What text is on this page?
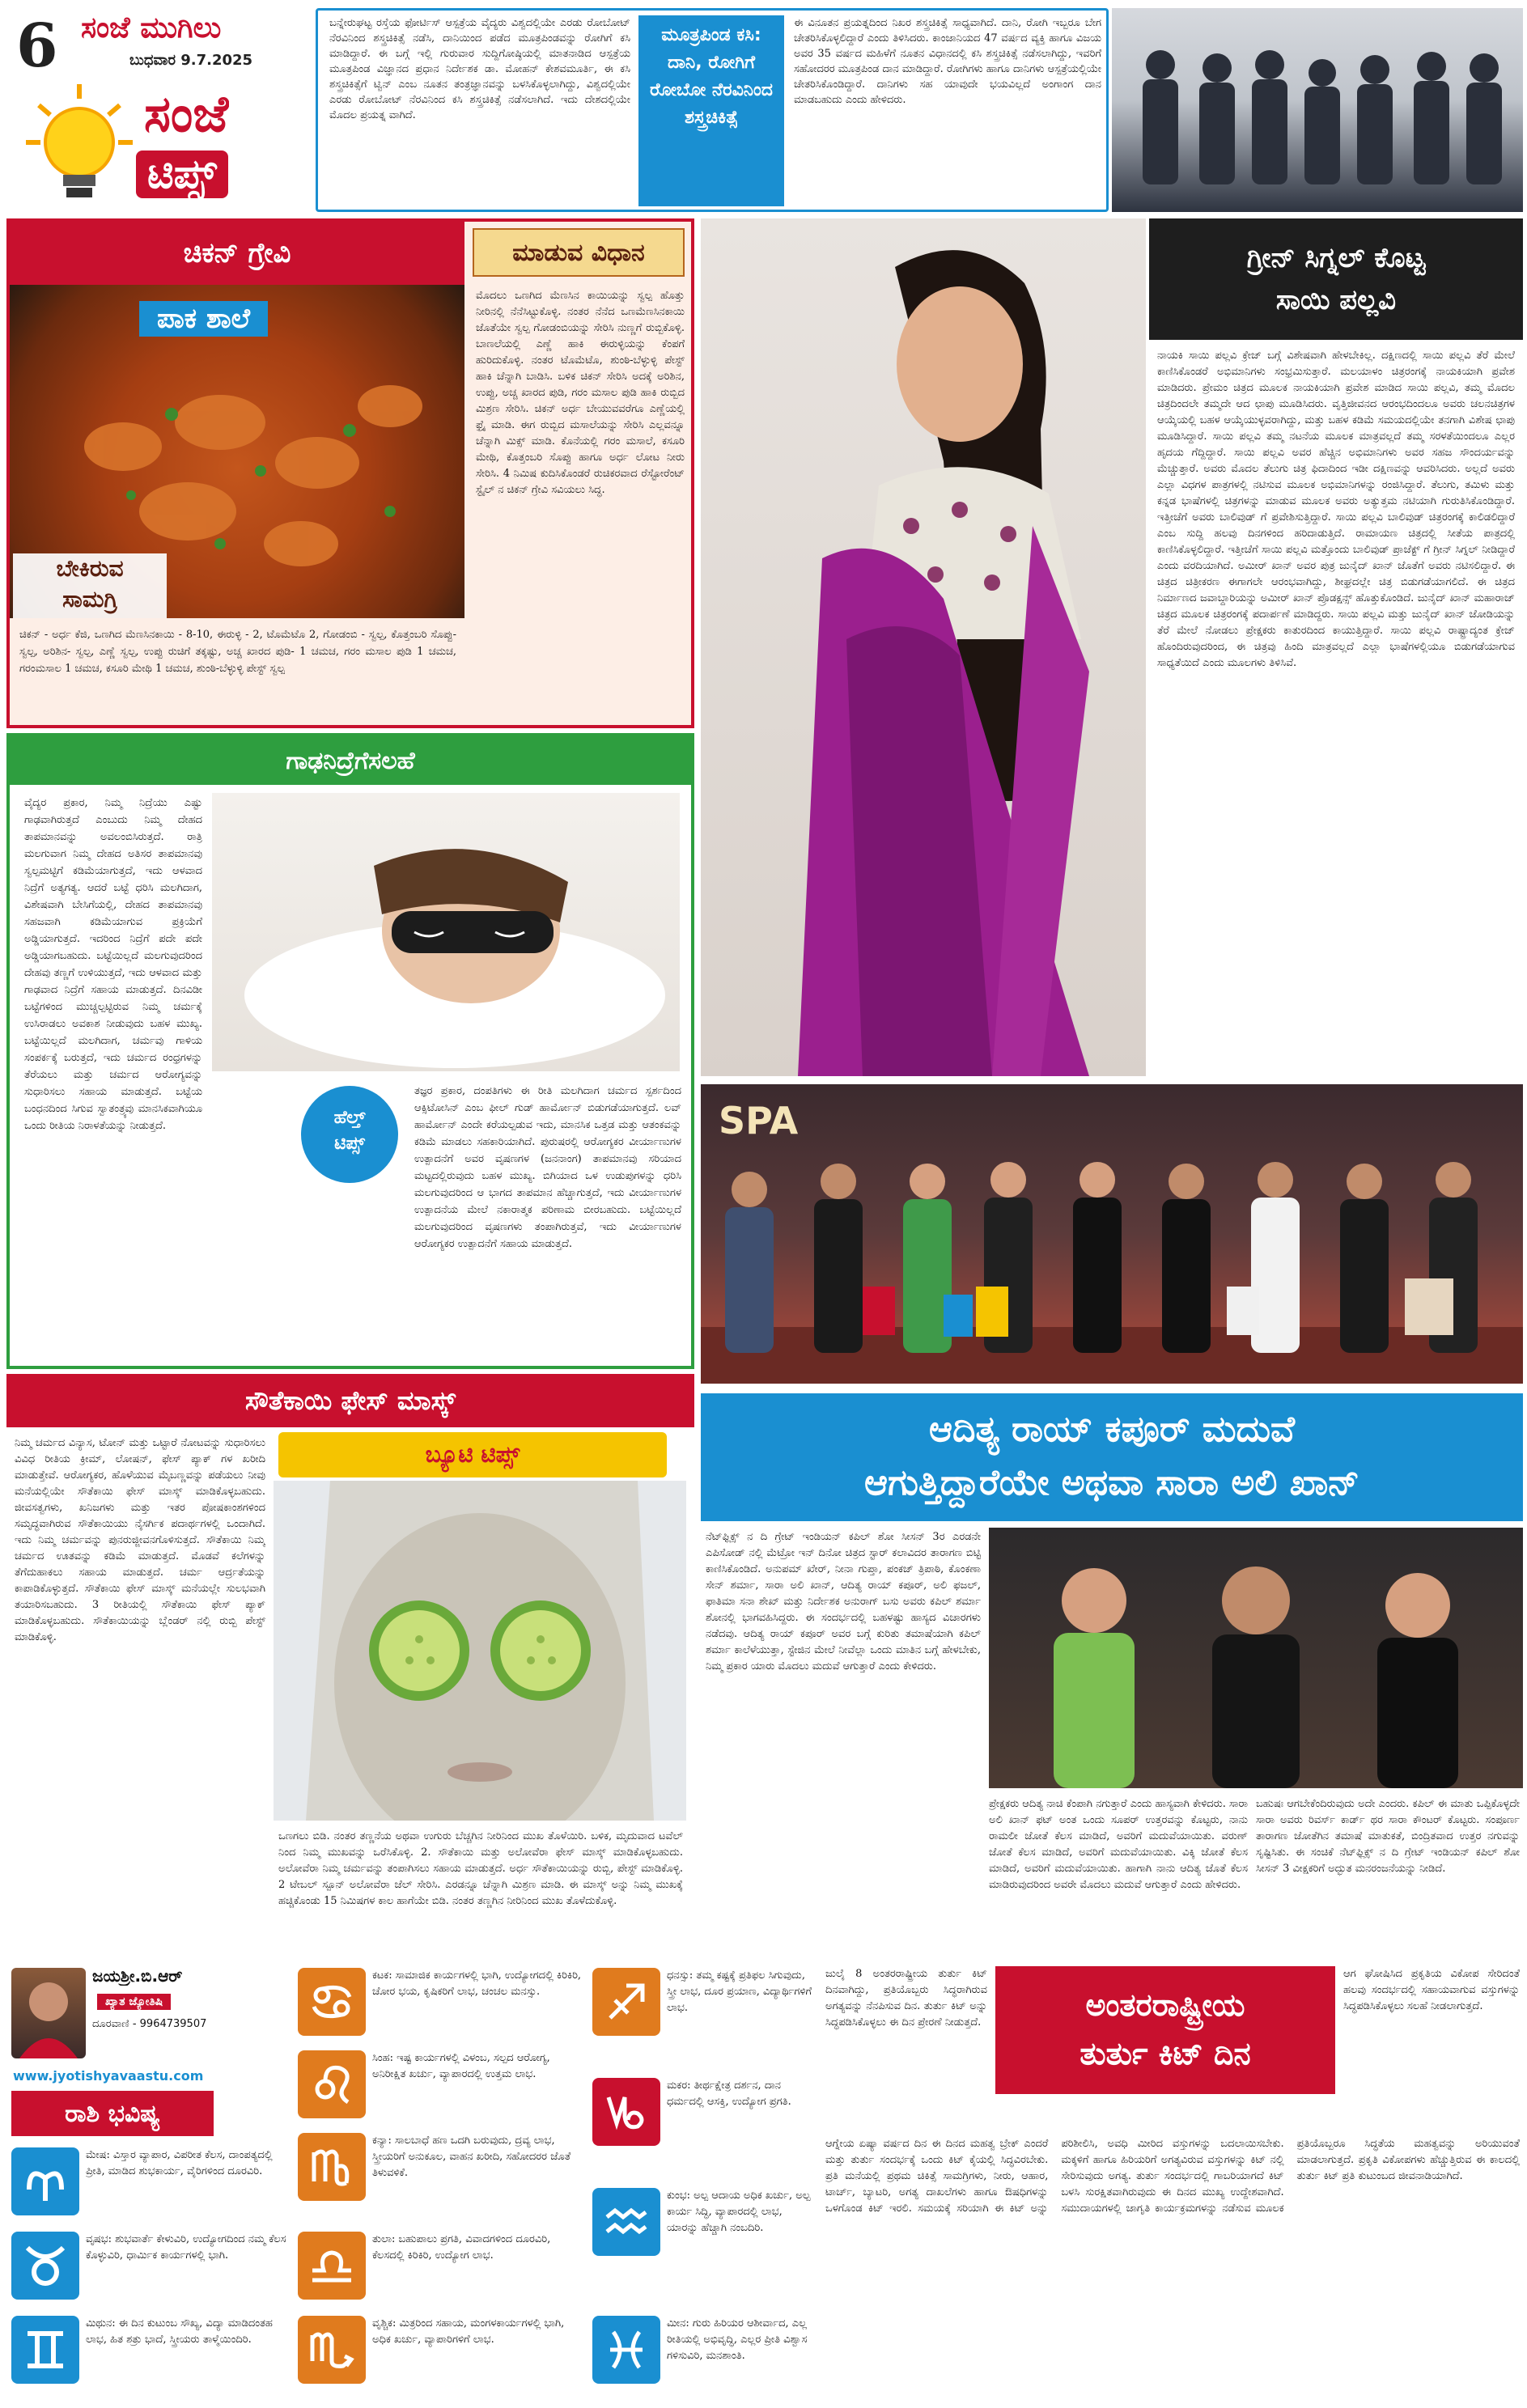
6 ಸಂಜೆ ಮುಗಿಲು
ಬುಧವಾರ 9.7.2025
ಸಂಜೆ
ಟಿಪ್ಸ್
ಬನ್ನೇರುಘಟ್ಟ ರಸ್ತೆಯ ಫೋರ್ಟಿಸ್ ಆಸ್ಪತ್ರೆಯ ವೈದ್ಯರು ವಿಶ್ವದಲ್ಲಿಯೇ ಎರಡು ರೋಬೋಟ್ ನೆರವಿನಿಂದ ಶಸ್ತ್ರಚಿಕಿತ್ಸೆ ನಡೆಸಿ, ದಾನಿಯಿಂದ ಪಡೆದ ಮೂತ್ರಪಿಂಡವನ್ನು ರೋಗಿಗೆ ಕಸಿ ಮಾಡಿದ್ದಾರೆ. ಈ ಬಗ್ಗೆ ಇಲ್ಲಿ ಗುರುವಾರ ಸುದ್ದಿಗೋಷ್ಠಿಯಲ್ಲಿ ಮಾತನಾಡಿದ ಆಸ್ಪತ್ರೆಯ ಮೂತ್ರಪಿಂಡ ವಿಜ್ಞಾನದ ಪ್ರಧಾನ ನಿರ್ದೇಶಕ ಡಾ. ಮೋಹನ್ ಕೇಶವಮೂರ್ತಿ, ಈ ಕಸಿ ಶಸ್ತ್ರಚಿಕಿತ್ಸೆಗೆ ಟ್ವಿನ್ ಎಂಬ ನೂತನ ತಂತ್ರಜ್ಞಾನವನ್ನು ಬಳಸಿಕೊಳ್ಳಲಾಗಿದ್ದು, ವಿಶ್ವದಲ್ಲಿಯೇ ಎರಡು ರೋಬೋಟ್ ನೆರವಿನಿಂದ ಕಸಿ ಶಸ್ತ್ರಚಿಕಿತ್ಸೆ ನಡೆಸಲಾಗಿದೆ. ಇದು ದೇಶದಲ್ಲಿಯೇ ಮೊದಲ ಪ್ರಯತ್ನ ವಾಗಿದೆ.
ಮೂತ್ರಪಿಂಡ ಕಸಿ: ದಾನಿ, ರೋಗಿಗೆ ರೋಬೋ ನೆರವಿನಿಂದ ಶಸ್ತ್ರಚಿಕಿತ್ಸೆ
ಈ ವಿನೂತನ ಪ್ರಯತ್ನದಿಂದ ನಿಖರ ಶಸ್ತ್ರಚಿಕಿತ್ಸೆ ಸಾಧ್ಯವಾಗಿದೆ. ದಾನಿ, ರೋಗಿ ಇಬ್ಬರೂ ಬೇಗ ಚೇತರಿಸಿಕೊಳ್ಳಲಿದ್ದಾರೆ ಎಂದು ತಿಳಿಸಿದರು. ಕಾಂಜಾನಿಯದ 47 ವರ್ಷದ ವ್ಯಕ್ತಿ ಹಾಗೂ ವಿಜಯ ಅವರ 35 ವರ್ಷದ ಮಹಿಳೆಗೆ ನೂತನ ವಿಧಾನದಲ್ಲಿ ಕಸಿ ಶಸ್ತ್ರಚಿಕಿತ್ಸೆ ನಡೆಸಲಾಗಿದ್ದು, ಇವರಿಗೆ ಸಹೋದರರ ಮೂತ್ರಪಿಂಡ ದಾನ ಮಾಡಿದ್ದಾರೆ. ರೋಗಿಗಳು ಹಾಗೂ ದಾನಿಗಳು ಆಸ್ಪತ್ರೆಯಲ್ಲಿಯೇ ಚೇತರಿಸಿಕೊಂಡಿದ್ದಾರೆ. ದಾನಿಗಳು ಸಹ ಯಾವುದೇ ಭಯವಿಲ್ಲದೆ ಅಂಗಾಂಗ ದಾನ ಮಾಡಬಹುದು ಎಂದು ಹೇಳಿದರು.
ಚಿಕನ್ ಗ್ರೇವಿ	ಮಾಡುವ ವಿಧಾನ
ಪಾಕ ಶಾಲೆ
ಬೇಕಿರುವ
ಸಾಮಗ್ರಿ
ಚಿಕನ್ - ಅರ್ಧ ಕೆಜಿ, ಒಣಗಿದ ಮೆಣಸಿನಕಾಯಿ - 8-10, ಈರುಳ್ಳಿ - 2, ಟೊಮೆಟೊ 2, ಗೋಡಂಬಿ - ಸ್ವಲ್ಪ, ಕೊತ್ತಂಬರಿ ಸೊಪ್ಪು- ಸ್ವಲ್ಪ, ಅರಿಶಿನ- ಸ್ವಲ್ಪ, ಎಣ್ಣೆ ಸ್ವಲ್ಪ, ಉಪ್ಪು ರುಚಿಗೆ ತಕ್ಕಷ್ಟು, ಅಚ್ಚ ಖಾರದ ಪುಡಿ- 1 ಚಮಚ, ಗರಂ ಮಸಾಲ ಪುಡಿ 1 ಚಮಚ, ಗರಂಮಸಾಲ 1 ಚಮಚ, ಕಸೂರಿ ಮೇಥಿ 1 ಚಮಚ, ಶುಂಠಿ-ಬೆಳ್ಳುಳ್ಳಿ ಪೇಸ್ಟ್ ಸ್ವಲ್ಪ
ಮೊದಲು ಒಣಗಿದ ಮೆಣಸಿನ ಕಾಯಿಯನ್ನು ಸ್ವಲ್ಪ ಹೊತ್ತು ನೀರಿನಲ್ಲಿ ನೆನೆಸಿಟ್ಟುಕೊಳ್ಳಿ. ನಂತರ ನೆನೆದ ಒಣಮೆಣಸಿನಕಾಯಿ ಜೊತೆಯೇ ಸ್ವಲ್ಪ ಗೋಡಂಬಿಯನ್ನು ಸೇರಿಸಿ ನುಣ್ಣಗೆ ರುಬ್ಬಿಕೊಳ್ಳಿ. ಬಾಣಲೆಯಲ್ಲಿ ಎಣ್ಣೆ ಹಾಕಿ ಈರುಳ್ಳಿಯನ್ನು ಕೆಂಪಗೆ ಹುರಿದುಕೊಳ್ಳಿ. ನಂತರ ಟೊಮೆಟೊ, ಶುಂಠಿ-ಬೆಳ್ಳುಳ್ಳಿ ಪೇಸ್ಟ್ ಹಾಕಿ ಚೆನ್ನಾಗಿ ಬಾಡಿಸಿ. ಬಳಿಕ ಚಿಕನ್ ಸೇರಿಸಿ ಅದಕ್ಕೆ ಅರಿಶಿನ, ಉಪ್ಪು, ಅಚ್ಚ ಖಾರದ ಪುಡಿ, ಗರಂ ಮಸಾಲ ಪುಡಿ ಹಾಕಿ ರುಬ್ಬಿದ ಮಿಶ್ರಣ ಸೇರಿಸಿ. ಚಿಕನ್ ಅರ್ಧ ಬೇಯುವವರೆಗೂ ಎಣ್ಣೆಯಲ್ಲಿ ಫ್ರೈ ಮಾಡಿ. ಈಗ ರುಬ್ಬಿದ ಮಸಾಲೆಯನ್ನು ಸೇರಿಸಿ ಎಲ್ಲವನ್ನೂ ಚೆನ್ನಾಗಿ ಮಿಕ್ಸ್ ಮಾಡಿ. ಕೊನೆಯಲ್ಲಿ ಗರಂ ಮಸಾಲೆ, ಕಸೂರಿ ಮೇಥಿ, ಕೊತ್ತಂಬರಿ ಸೊಪ್ಪು ಹಾಗೂ ಅರ್ಧ ಲೋಟ ನೀರು ಸೇರಿಸಿ. 4 ನಿಮಿಷ ಕುದಿಸಿಕೊಂಡರೆ ರುಚಿಕರವಾದ ರೆಸ್ಟೋರೆಂಟ್ ಸ್ಟೈಲ್ ನ ಚಿಕನ್ ಗ್ರೇವಿ ಸವಿಯಲು ಸಿದ್ಧ.
ಗಾಢನಿದ್ರೆಗೆಸಲಹೆ
ವೈದ್ಯರ ಪ್ರಕಾರ, ನಿಮ್ಮ ನಿದ್ರೆಯು ಎಷ್ಟು ಗಾಢವಾಗಿರುತ್ತದೆ ಎಂಬುದು ನಿಮ್ಮ ದೇಹದ ತಾಪಮಾನವನ್ನು ಅವಲಂಬಿಸಿರುತ್ತದೆ. ರಾತ್ರಿ ಮಲಗುವಾಗ ನಿಮ್ಮ ದೇಹದ ಅತಿಸರ ತಾಪಮಾನವು ಸ್ವಲ್ಪಮಟ್ಟಿಗೆ ಕಡಿಮೆಯಾಗುತ್ತದೆ, ಇದು ಆಳವಾದ ನಿದ್ರೆಗೆ ಅತ್ಯಗತ್ಯ. ಆದರೆ ಬಟ್ಟೆ ಧರಿಸಿ ಮಲಗಿದಾಗ, ವಿಶೇಷವಾಗಿ ಬೇಸಿಗೆಯಲ್ಲಿ, ದೇಹದ ತಾಪಮಾನವು ಸಹಜವಾಗಿ ಕಡಿಮೆಯಾಗುವ ಪ್ರಕ್ರಿಯೆಗೆ ಅಡ್ಡಿಯಾಗುತ್ತದೆ. ಇದರಿಂದ ನಿದ್ರೆಗೆ ಪದೇ ಪದೇ ಅಡ್ಡಿಯಾಗಬಹುದು. ಬಟ್ಟೆಯಿಲ್ಲದೆ ಮಲಗುವುದರಿಂದ ದೇಹವು ತಣ್ಣಗೆ ಉಳಿಯುತ್ತದೆ, ಇದು ಆಳವಾದ ಮತ್ತು ಗಾಢವಾದ ನಿದ್ರೆಗೆ ಸಹಾಯ ಮಾಡುತ್ತದೆ. ದಿನವಿಡೀ ಬಟ್ಟೆಗಳಿಂದ ಮುಚ್ಚಲ್ಪಟ್ಟಿರುವ ನಿಮ್ಮ ಚರ್ಮಕ್ಕೆ ಉಸಿರಾಡಲು ಅವಕಾಶ ನೀಡುವುದು ಬಹಳ ಮುಖ್ಯ. ಬಟ್ಟೆಯಿಲ್ಲದೆ ಮಲಗಿದಾಗ, ಚರ್ಮವು ಗಾಳಿಯ ಸಂಪರ್ಕಕ್ಕೆ ಬರುತ್ತದೆ, ಇದು ಚರ್ಮದ ರಂಧ್ರಗಳನ್ನು ತೆರೆಯಲು ಮತ್ತು ಚರ್ಮದ ಆರೋಗ್ಯವನ್ನು ಸುಧಾರಿಸಲು ಸಹಾಯ ಮಾಡುತ್ತದೆ. ಬಟ್ಟೆಯ ಬಂಧನದಿಂದ ಸಿಗುವ ಸ್ವಾತಂತ್ರ್ಯವು ಮಾನಸಿಕವಾಗಿಯೂ ಒಂದು ರೀತಿಯ ನಿರಾಳತೆಯನ್ನು ನೀಡುತ್ತದೆ.	ಹೆಲ್ತ್
ಟಿಪ್ಸ್
ತಜ್ಞರ ಪ್ರಕಾರ, ದಂಪತಿಗಳು ಈ ರೀತಿ ಮಲಗಿದಾಗ ಚರ್ಮದ ಸ್ಪರ್ಶದಿಂದ ಆಕ್ಸಿಟೋಸಿನ್ ಎಂಬ ಫೀಲ್ ಗುಡ್ ಹಾರ್ಮೋನ್ ಬಿಡುಗಡೆಯಾಗುತ್ತದೆ. ಲವ್ ಹಾರ್ಮೋನ್ ಎಂದೇ ಕರೆಯಲ್ಪಡುವ ಇದು, ಮಾನಸಿಕ ಒತ್ತಡ ಮತ್ತು ಆತಂಕವನ್ನು ಕಡಿಮೆ ಮಾಡಲು ಸಹಕಾರಿಯಾಗಿದೆ. ಪುರುಷರಲ್ಲಿ ಆರೋಗ್ಯಕರ ವೀರ್ಯಾಣುಗಳ ಉತ್ಪಾದನೆಗೆ ಅವರ ವೃಷಣಗಳ (ಜನನಾಂಗ) ತಾಪಮಾನವು ಸರಿಯಾದ ಮಟ್ಟದಲ್ಲಿರುವುದು ಬಹಳ ಮುಖ್ಯ. ಬಿಗಿಯಾದ ಒಳ ಉಡುಪುಗಳನ್ನು ಧರಿಸಿ ಮಲಗುವುದರಿಂದ ಆ ಭಾಗದ ತಾಪಮಾನ ಹೆಚ್ಚಾಗುತ್ತದೆ, ಇದು ವೀರ್ಯಾಣುಗಳ ಉತ್ಪಾದನೆಯ ಮೇಲೆ ನಕಾರಾತ್ಮಕ ಪರಿಣಾಮ ಬೀರಬಹುದು. ಬಟ್ಟೆಯಿಲ್ಲದೆ ಮಲಗುವುದರಿಂದ ವೃಷಣಗಳು ತಂಪಾಗಿರುತ್ತವೆ, ಇದು ವೀರ್ಯಾಣುಗಳ ಆರೋಗ್ಯಕರ ಉತ್ಪಾದನೆಗೆ ಸಹಾಯ ಮಾಡುತ್ತದೆ.
ಸೌತೆಕಾಯಿ ಫೇಸ್ ಮಾಸ್ಕ್
ನಿಮ್ಮ ಚರ್ಮದ ವಿನ್ಯಾಸ, ಟೋನ್ ಮತ್ತು ಒಟ್ಟಾರೆ ನೋಟವನ್ನು ಸುಧಾರಿಸಲು ವಿವಿಧ ರೀತಿಯ ಕ್ರೀಮ್, ಲೋಷನ್, ಫೇಸ್ ಪ್ಯಾಕ್ ಗಳ ಖರೀದಿ ಮಾಡುತ್ತೇವೆ. ಆರೋಗ್ಯಕರ, ಹೊಳೆಯುವ ಮೈಬಣ್ಣವನ್ನು ಪಡೆಯಲು ನೀವು ಮನೆಯಲ್ಲಿಯೇ ಸೌತೆಕಾಯಿ ಫೇಸ್ ಮಾಸ್ಕ್ ಮಾಡಿಕೊಳ್ಳಬಹುದು. ಜೀವಸತ್ವಗಳು, ಖನಿಜಗಳು ಮತ್ತು ಇತರ ಪೋಷಕಾಂಶಗಳಿಂದ ಸಮೃದ್ಧವಾಗಿರುವ ಸೌತೆಕಾಯಿಯು ನೈಸರ್ಗಿಕ ಪದಾರ್ಥಗಳಲ್ಲಿ ಒಂದಾಗಿದೆ. ಇದು ನಿಮ್ಮ ಚರ್ಮವನ್ನು ಪುನರುಜ್ಜೀವನಗೊಳಿಸುತ್ತದೆ. ಸೌತೆಕಾಯಿ ನಿಮ್ಮ ಚರ್ಮದ ಊತವನ್ನು ಕಡಿಮೆ ಮಾಡುತ್ತದೆ. ಮೊಡವೆ ಕಲೆಗಳನ್ನು ತೆಗೆದುಹಾಕಲು ಸಹಾಯ ಮಾಡುತ್ತದೆ. ಚರ್ಮ ಆರ್ದ್ರತೆಯನ್ನು ಕಾಪಾಡಿಕೊಳ್ಳುತ್ತದೆ. ಸೌತೆಕಾಯಿ ಫೇಸ್ ಮಾಸ್ಕ್ ಮನೆಯಲ್ಲೇ ಸುಲಭವಾಗಿ ತಯಾರಿಸಬಹುದು. 3 ರೀತಿಯಲ್ಲಿ ಸೌತೆಕಾಯಿ ಫೇಸ್ ಪ್ಯಾಕ್ ಮಾಡಿಕೊಳ್ಳಬಹುದು. ಸೌತೆಕಾಯಿಯನ್ನು ಬ್ಲೆಂಡರ್ ನಲ್ಲಿ ರುಬ್ಬಿ ಪೇಸ್ಟ್ ಮಾಡಿಕೊಳ್ಳಿ.
ಬ್ಯೂಟಿ ಟಿಪ್ಸ್
ಒಣಗಲು ಬಿಡಿ. ನಂತರ ತಣ್ಣನೆಯ ಅಥವಾ ಉಗುರು ಬೆಚ್ಚಗಿನ ನೀರಿನಿಂದ ಮುಖ ತೊಳೆಯಿರಿ. ಬಳಿಕ, ಮೃದುವಾದ ಟವೆಲ್ ನಿಂದ ನಿಮ್ಮ ಮುಖವನ್ನು ಒರೆಸಿಕೊಳ್ಳಿ. 2. ಸೌತೆಕಾಯಿ ಮತ್ತು ಅಲೋವೆರಾ ಫೇಸ್ ಮಾಸ್ಕ್ ಮಾಡಿಕೊಳ್ಳಬಹುದು. ಅಲೋವೆರಾ ನಿಮ್ಮ ಚರ್ಮವನ್ನು ತಂಪಾಗಿಸಲು ಸಹಾಯ ಮಾಡುತ್ತದೆ. ಅರ್ಧ ಸೌತೆಕಾಯಿಯನ್ನು ರುಬ್ಬಿ, ಪೇಸ್ಟ್ ಮಾಡಿಕೊಳ್ಳಿ. 2 ಟೇಬಲ್ ಸ್ಪೂನ್ ಅಲೋವೆರಾ ಜೆಲ್ ಸೇರಿಸಿ. ಎರಡನ್ನೂ ಚೆನ್ನಾಗಿ ಮಿಶ್ರಣ ಮಾಡಿ. ಈ ಮಾಸ್ಕ್ ಅನ್ನು ನಿಮ್ಮ ಮುಖಕ್ಕೆ ಹಚ್ಚಿಕೊಂಡು 15 ನಿಮಿಷಗಳ ಕಾಲ ಹಾಗೆಯೇ ಬಿಡಿ. ನಂತರ ತಣ್ಣಗಿನ ನೀರಿನಿಂದ ಮುಖ ತೊಳೆದುಕೊಳ್ಳಿ.
ಗ್ರೀನ್ ಸಿಗ್ನಲ್ ಕೊಟ್ಟ
ಸಾಯಿ ಪಲ್ಲವಿ
ನಾಯಕಿ ಸಾಯಿ ಪಲ್ಲವಿ ಕ್ರೇಜ್ ಬಗ್ಗೆ ವಿಶೇಷವಾಗಿ ಹೇಳಬೇಕಿಲ್ಲ. ದಕ್ಷಿಣದಲ್ಲಿ ಸಾಯಿ ಪಲ್ಲವಿ ತೆರೆ ಮೇಲೆ ಕಾಣಿಸಿಕೊಂಡರೆ ಅಭಿಮಾನಿಗಳು ಸಂಭ್ರಮಿಸುತ್ತಾರೆ. ಮಲಯಾಳಂ ಚಿತ್ರರಂಗಕ್ಕೆ ನಾಯಕಿಯಾಗಿ ಪ್ರವೇಶ ಮಾಡಿದರು. ಪ್ರೇಮಂ ಚಿತ್ರದ ಮೂಲಕ ನಾಯಕಿಯಾಗಿ ಪ್ರವೇಶ ಮಾಡಿದ ಸಾಯಿ ಪಲ್ಲವಿ, ತಮ್ಮ ಮೊದಲ ಚಿತ್ರದಿಂದಲೇ ತಮ್ಮದೇ ಆದ ಛಾಪು ಮೂಡಿಸಿದರು. ವೃತ್ತಿಜೀವನದ ಆರಂಭದಿಂದಲೂ ಅವರು ಚಲನಚಿತ್ರಗಳ ಆಯ್ಕೆಯಲ್ಲಿ ಬಹಳ ಆಯ್ಕೆಯುಳ್ಳವರಾಗಿದ್ದು, ಮತ್ತು ಬಹಳ ಕಡಿಮೆ ಸಮಯದಲ್ಲಿಯೇ ತನಗಾಗಿ ವಿಶೇಷ ಛಾಪು ಮೂಡಿಸಿದ್ದಾರೆ. ಸಾಯಿ ಪಲ್ಲವಿ ತಮ್ಮ ನಟನೆಯ ಮೂಲಕ ಮಾತ್ರವಲ್ಲದೆ ತಮ್ಮ ಸರಳತೆಯಿಂದಲೂ ಎಲ್ಲರ ಹೃದಯ ಗೆದ್ದಿದ್ದಾರೆ. ಸಾಯಿ ಪಲ್ಲವಿ ಅವರ ಹೆಚ್ಚಿನ ಅಭಿಮಾನಿಗಳು ಅವರ ಸಹಜ ಸೌಂದರ್ಯವನ್ನು ಮೆಚ್ಚುತ್ತಾರೆ. ಅವರು ಮೊದಲ ತೆಲುಗು ಚಿತ್ರ ಫಿದಾದಿಂದ ಇಡೀ ದಕ್ಷಿಣವನ್ನು ಆವರಿಸಿದರು. ಅಲ್ಲದೆ ಅವರು ಎಲ್ಲಾ ವಿಧಗಳ ಪಾತ್ರಗಳಲ್ಲಿ ನಟಿಸುವ ಮೂಲಕ ಅಭಿಮಾನಿಗಳನ್ನು ರಂಜಿಸಿದ್ದಾರೆ. ತೆಲುಗು, ತಮಿಳು ಮತ್ತು ಕನ್ನಡ ಭಾಷೆಗಳಲ್ಲಿ ಚಿತ್ರಗಳನ್ನು ಮಾಡುವ ಮೂಲಕ ಅವರು ಅತ್ಯುತ್ತಮ ನಟಿಯಾಗಿ ಗುರುತಿಸಿಕೊಂಡಿದ್ದಾರೆ. ಇತ್ತೀಚೆಗೆ ಅವರು ಬಾಲಿವುಡ್ ಗೆ ಪ್ರವೇಶಿಸುತ್ತಿದ್ದಾರೆ. ಸಾಯಿ ಪಲ್ಲವಿ ಬಾಲಿವುಡ್ ಚಿತ್ರರಂಗಕ್ಕೆ ಕಾಲಿಡಲಿದ್ದಾರೆ ಎಂಬ ಸುದ್ದಿ ಹಲವು ದಿನಗಳಿಂದ ಹರಿದಾಡುತ್ತಿದೆ. ರಾಮಾಯಣ ಚಿತ್ರದಲ್ಲಿ ಸೀತೆಯ ಪಾತ್ರದಲ್ಲಿ ಕಾಣಿಸಿಕೊಳ್ಳಲಿದ್ದಾರೆ. ಇತ್ತೀಚೆಗೆ ಸಾಯಿ ಪಲ್ಲವಿ ಮತ್ತೊಂದು ಬಾಲಿವುಡ್ ಪ್ರಾಜೆಕ್ಟ್ ಗೆ ಗ್ರೀನ್ ಸಿಗ್ನಲ್ ನೀಡಿದ್ದಾರೆ ಎಂದು ವರದಿಯಾಗಿದೆ. ಅಮೀರ್ ಖಾನ್ ಅವರ ಪುತ್ರ ಜುನೈದ್ ಖಾನ್ ಜೊತೆಗೆ ಅವರು ನಟಿಸಲಿದ್ದಾರೆ. ಈ ಚಿತ್ರದ ಚಿತ್ರೀಕರಣ ಈಗಾಗಲೇ ಆರಂಭವಾಗಿದ್ದು, ಶೀಘ್ರದಲ್ಲೇ ಚಿತ್ರ ಬಿಡುಗಡೆಯಾಗಲಿದೆ. ಈ ಚಿತ್ರದ ನಿರ್ಮಾಣದ ಜವಾಬ್ದಾರಿಯನ್ನು ಅಮೀರ್ ಖಾನ್ ಪ್ರೊಡಕ್ಷನ್ಸ್ ಹೊತ್ತುಕೊಂಡಿದೆ. ಜುನೈದ್ ಖಾನ್ ಮಹಾರಾಜ್ ಚಿತ್ರದ ಮೂಲಕ ಚಿತ್ರರಂಗಕ್ಕೆ ಪದಾರ್ಪಣೆ ಮಾಡಿದ್ದರು. ಸಾಯಿ ಪಲ್ಲವಿ ಮತ್ತು ಜುನೈದ್ ಖಾನ್ ಜೋಡಿಯನ್ನು ತೆರೆ ಮೇಲೆ ನೋಡಲು ಪ್ರೇಕ್ಷಕರು ಕಾತುರದಿಂದ ಕಾಯುತ್ತಿದ್ದಾರೆ. ಸಾಯಿ ಪಲ್ಲವಿ ರಾಷ್ಟ್ರಾದ್ಯಂತ ಕ್ರೇಜ್ ಹೊಂದಿರುವುದರಿಂದ, ಈ ಚಿತ್ರವು ಹಿಂದಿ ಮಾತ್ರವಲ್ಲದೆ ಎಲ್ಲಾ ಭಾಷೆಗಳಲ್ಲಿಯೂ ಬಿಡುಗಡೆಯಾಗುವ ಸಾಧ್ಯತೆಯಿದೆ ಎಂದು ಮೂಲಗಳು ತಿಳಿಸಿವೆ.
SPA
ಆದಿತ್ಯ ರಾಯ್ ಕಪೂರ್ ಮದುವೆ
ಆಗುತ್ತಿದ್ದಾರೆಯೇ ಅಥವಾ ಸಾರಾ ಅಲಿ ಖಾನ್
ನೆಟ್‌ಫ್ಲಿಕ್ಸ್ ನ ದಿ ಗ್ರೇಟ್ ಇಂಡಿಯನ್ ಕಪಿಲ್ ಶೋ ಸೀಸನ್ 3ರ ಎರಡನೇ ಎಪಿಸೋಡ್ ನಲ್ಲಿ ಮೆಟ್ರೋ ಇನ್ ದಿನೋ ಚಿತ್ರದ ಸ್ಟಾರ್ ಕಲಾವಿದರ ತಾರಾಗಣ ಬಿಟ್ಟಿ ಕಾಣಿಸಿಕೊಂಡಿದೆ. ಅನುಪಮ್ ಖೇರ್, ನೀನಾ ಗುಪ್ತಾ, ಪಂಕಜ್ ತ್ರಿಪಾಠಿ, ಕೊಂಕಣಾ ಸೇನ್ ಶರ್ಮಾ, ಸಾರಾ ಅಲಿ ಖಾನ್, ಆದಿತ್ಯ ರಾಯ್ ಕಪೂರ್, ಅಲಿ ಫಜಲ್, ಫಾತಿಮಾ ಸನಾ ಶೇಖ್ ಮತ್ತು ನಿರ್ದೇಶಕ ಅನುರಾಗ್ ಬಸು ಅವರು ಕಪಿಲ್ ಶರ್ಮಾ ಶೋನಲ್ಲಿ ಭಾಗವಹಿಸಿದ್ದರು. ಈ ಸಂದರ್ಭದಲ್ಲಿ ಬಹಳಷ್ಟು ಹಾಸ್ಯದ ವಿಚಾರಗಳು ನಡೆದವು. ಆದಿತ್ಯ ರಾಯ್ ಕಪೂರ್ ಅವರ ಬಗ್ಗೆ ಕುರಿತು ತಮಾಷೆಯಾಗಿ ಕಪಿಲ್ ಶರ್ಮಾ ಕಾಲೆಳೆಯುತ್ತಾ, ಸ್ಟೇಜಿನ ಮೇಲೆ ನೀವೆಲ್ಲಾ ಒಂದು ಮಾತಿನ ಬಗ್ಗೆ ಹೇಳಬೇಕು, ನಿಮ್ಮ ಪ್ರಕಾರ ಯಾರು ಮೊದಲು ಮದುವೆ ಆಗುತ್ತಾರೆ ಎಂದು ಕೇಳಿದರು.
ಪ್ರೇಕ್ಷಕರು ಆದಿತ್ಯ ನಾಚಿ ಕೆಂಪಾಗಿ ನಗುತ್ತಾರೆ ಎಂದು ಹಾಸ್ಯವಾಗಿ ಕೇಳಿದರು. ಸಾರಾ ಅಲಿ ಖಾನ್ ಫಟ್ ಅಂತ ಒಂದು ಸೂಪರ್ ಉತ್ತರವನ್ನು ಕೊಟ್ಟರು, ನಾನು ರಾಮಲೀ ಜೋತೆ ಕೆಲಸ ಮಾಡಿದೆ, ಅವರಿಗೆ ಮದುವೆಯಾಯಿತು. ವರುಣ್ ಜೋತೆ ಕೆಲಸ ಮಾಡಿದೆ, ಅವರಿಗೆ ಮದುವೆಯಾಯಿತು. ವಿಕ್ಕಿ ಜೋತೆ ಕೆಲಸ ಮಾಡಿದೆ, ಅವರಿಗೆ ಮದುವೆಯಾಯಿತು. ಹಾಗಾಗಿ ನಾನು ಆದಿತ್ಯ ಜೊತೆ ಕೆಲಸ ಮಾಡಿರುವುದರಿಂದ ಅವರೇ ಮೊದಲು ಮದುವೆ ಆಗುತ್ತಾರೆ ಎಂದು ಹೇಳಿದರು.
ಬಹುಷಃ ಆಗಬೇಕೆಂದಿರುವುದು ಅದೇ ಎಂದರು. ಕಪಿಲ್ ಈ ಮಾತು ಒಪ್ಪಿಕೊಳ್ಳದೇ ಸಾರಾ ಅವರು ರಿವರ್ಸ್ ಕಾರ್ಡ್ ಥರ ಸಾರಾ ಕೌಂಟರ್ ಕೊಟ್ಟರು. ಸಂಪೂರ್ಣ ತಾರಾಗಣ ಜೋತೆಗಿನ ತಮಾಷೆ ಮಾತುಕತೆ, ಬಿಂದ್ರಿತವಾದ ಉತ್ತರ ನಗುವನ್ನು ಸೃಷ್ಟಿಸಿತು. ಈ ಸಂಚಿಕೆ ನೆಟ್‌ಫ್ಲಿಕ್ಸ್ ನ ದಿ ಗ್ರೇಟ್ ಇಂಡಿಯನ್ ಕಪಿಲ್ ಶೋ ಸೀಸನ್ 3 ವೀಕ್ಷಕರಿಗೆ ಅದ್ಭುತ ಮನರಂಜನೆಯನ್ನು ನೀಡಿದೆ.
ಜಯಶ್ರೀ.ಬಿ.ಆರ್
ಖ್ಯಾತ ಜ್ಯೋತಿಷಿ
ದೂರವಾಣಿ - 9964739507
www.jyotishyavaastu.com
ರಾಶಿ ಭವಿಷ್ಯ
ಮೇಷ: ವಿಸ್ತಾರ ವ್ಯಾಪಾರ, ವಿಪರೀತ ಕೆಲಸ, ದಾಂಪತ್ಯದಲ್ಲಿ ಪ್ರೀತಿ, ಮಾಡಿದ ಶುಭಕಾರ್ಯ, ವೈರಿಗಳಿಂದ ದೂರವಿರಿ.
ವೃಷಭ: ಶುಭವಾರ್ತೆ ಕೇಳುವಿರಿ, ಉದ್ಯೋಗದಿಂದ ನಮ್ಮ ಕೆಲಸ ಕೊಳ್ಳುವಿರಿ, ಧಾರ್ಮಿಕ ಕಾರ್ಯಗಳಲ್ಲಿ ಭಾಗಿ.
ಮಿಥುನ: ಈ ದಿನ ಕುಟುಂಬ ಸೌಖ್ಯ, ವಿದ್ಯಾ ಮಾಡಿದಂತಹ ಲಾಭ, ಹಿತ ಶತ್ರು ಭಾದೆ, ಸ್ತ್ರೀಯರು ತಾಳ್ಮೆಯಿಂದಿರಿ.
ಕಟಕ: ಸಾಮಾಜಿಕ ಕಾರ್ಯಗಳಲ್ಲಿ ಭಾಗಿ, ಉದ್ಯೋಗದಲ್ಲಿ ಕಿರಿಕಿರಿ, ಚೋರ ಭಯ, ಕೃಷಿಕರಿಗೆ ಲಾಭ, ಚಂಚಲ ಮನಸ್ಸು.
ಸಿಂಹ: ಇಷ್ಟ ಕಾರ್ಯಗಳಲ್ಲಿ ವಿಳಂಬ, ಸಲ್ಪದ ಆರೋಗ್ಯ, ಅನಿರೀಕ್ಷಿತ ಖರ್ಚು, ವ್ಯಾಪಾರದಲ್ಲಿ ಉತ್ತಮ ಲಾಭ.
ಕನ್ಯಾ: ಸಾಲಬಾಧೆ ಹಣ ಒದಗಿ ಬರುವುದು, ದ್ರವ್ಯ ಲಾಭ, ಸ್ತ್ರೀಯರಿಗೆ ಅನುಕೂಲ, ವಾಹನ ಖರೀದಿ, ಸಹೋದರರ ಜೊತೆ ತಿಳುವಳಿಕೆ.
ತುಲಾ: ಬಹುಪಾಲು ಪ್ರಗತಿ, ವಿವಾದಗಳಿಂದ ದೂರವಿರಿ, ಕೆಲಸದಲ್ಲಿ ಕಿರಿಕಿರಿ, ಉದ್ಯೋಗ ಲಾಭ.
ವೃಶ್ಚಿಕ: ಮಿತ್ರರಿಂದ ಸಹಾಯ, ಮಂಗಳಕಾರ್ಯಗಳಲ್ಲಿ ಭಾಗಿ, ಅಧಿಕ ಖರ್ಚು, ವ್ಯಾಪಾರಿಗಳಿಗೆ ಲಾಭ.
ಧನಸ್ಸು: ತಮ್ಮ ಕಷ್ಟಕ್ಕೆ ಪ್ರತಿಫಲ ಸಿಗುವುದು, ಸ್ತ್ರೀ ಲಾಭ, ದೂರ ಪ್ರಯಾಣ, ವಿದ್ಯಾರ್ಥಿಗಳಿಗೆ ಲಾಭ.
ಮಕರ: ತೀರ್ಥಕ್ಷೇತ್ರ ದರ್ಶನ, ದಾನ ಧರ್ಮದಲ್ಲಿ ಆಸಕ್ತಿ, ಉದ್ಯೋಗ ಪ್ರಗತಿ.
ಕುಂಭ: ಅಲ್ಪ ಆದಾಯ ಅಧಿಕ ಖರ್ಚು, ಅಲ್ಪ ಕಾರ್ಯ ಸಿದ್ಧಿ, ವ್ಯಾಪಾರದಲ್ಲಿ ಲಾಭ, ಯಾರನ್ನು ಹೆಚ್ಚಾಗಿ ನಂಬದಿರಿ.
ಮೀನ: ಗುರು ಹಿರಿಯರ ಆಶೀರ್ವಾದ, ಎಲ್ಲ ರೀತಿಯಲ್ಲಿ ಅಭಿವೃದ್ಧಿ, ಎಲ್ಲರ ಪ್ರೀತಿ ವಿಶ್ವಾಸ ಗಳಿಸುವಿರಿ, ಮನಶಾಂತಿ.
ಜುಲೈ 8 ಅಂತರರಾಷ್ಟ್ರೀಯ ತುರ್ತು ಕಿಟ್ ದಿನವಾಗಿದ್ದು, ಪ್ರತಿಯೊಬ್ಬರು ಸಿದ್ಧರಾಗಿರುವ ಅಗತ್ಯವನ್ನು ನೆನಪಿಸುವ ದಿನ. ತುರ್ತು ಕಿಟ್ ಅನ್ನು ಸಿದ್ಧಪಡಿಸಿಕೊಳ್ಳಲು ಈ ದಿನ ಪ್ರೇರಣೆ ನೀಡುತ್ತದೆ.	ಅಂತರರಾಷ್ಟ್ರೀಯ
ತುರ್ತು ಕಿಟ್ ದಿನ
ಆಗ ಘೋಷಿಸಿದ ಪ್ರಕೃತಿಯ ವಿಕೋಪ ಸೇರಿದಂತೆ ಹಲವು ಸಂದರ್ಭದಲ್ಲಿ ಸಹಾಯವಾಗುವ ವಸ್ತುಗಳನ್ನು ಸಿದ್ಧಪಡಿಸಿಕೊಳ್ಳಲು ಸಲಹೆ ನೀಡಲಾಗುತ್ತದೆ.
ಆಗ್ನೇಯ ಏಷ್ಯಾ ವರ್ಷದ ದಿನ ಈ ದಿನದ ಮಹತ್ವ ಬ್ರೇಕ್ ಎಂದರೆ ಮತ್ತು ತುರ್ತು ಸಂದರ್ಭಕ್ಕೆ ಒಂದು ಕಿಟ್ ಕೈಯಲ್ಲಿ ಸಿದ್ಧವಿರಬೇಕು. ಪ್ರತಿ ಮನೆಯಲ್ಲಿ ಪ್ರಥಮ ಚಿಕಿತ್ಸೆ ಸಾಮಗ್ರಿಗಳು, ನೀರು, ಆಹಾರ, ಟಾರ್ಚ್, ಬ್ಯಾಟರಿ, ಅಗತ್ಯ ದಾಖಲೆಗಳು ಹಾಗೂ ಔಷಧಿಗಳನ್ನು ಒಳಗೊಂಡ ಕಿಟ್ ಇರಲಿ. ಸಮಯಕ್ಕೆ ಸರಿಯಾಗಿ ಈ ಕಿಟ್ ಅನ್ನು ಪರಿಶೀಲಿಸಿ, ಅವಧಿ ಮೀರಿದ ವಸ್ತುಗಳನ್ನು ಬದಲಾಯಿಸಬೇಕು. ಮಕ್ಕಳಿಗೆ ಹಾಗೂ ಹಿರಿಯರಿಗೆ ಅಗತ್ಯವಿರುವ ವಸ್ತುಗಳನ್ನು ಕಿಟ್ ನಲ್ಲಿ ಸೇರಿಸುವುದು ಅಗತ್ಯ. ತುರ್ತು ಸಂದರ್ಭದಲ್ಲಿ ಗಾಬರಿಯಾಗದೆ ಕಿಟ್ ಬಳಸಿ ಸುರಕ್ಷಿತವಾಗಿರುವುದು ಈ ದಿನದ ಮುಖ್ಯ ಉದ್ದೇಶವಾಗಿದೆ. ಸಮುದಾಯಗಳಲ್ಲಿ ಜಾಗೃತಿ ಕಾರ್ಯಕ್ರಮಗಳನ್ನು ನಡೆಸುವ ಮೂಲಕ ಪ್ರತಿಯೊಬ್ಬರೂ ಸಿದ್ಧತೆಯ ಮಹತ್ವವನ್ನು ಅರಿಯುವಂತೆ ಮಾಡಲಾಗುತ್ತದೆ. ಪ್ರಕೃತಿ ವಿಕೋಪಗಳು ಹೆಚ್ಚುತ್ತಿರುವ ಈ ಕಾಲದಲ್ಲಿ ತುರ್ತು ಕಿಟ್ ಪ್ರತಿ ಕುಟುಂಬದ ಜೀವನಾಡಿಯಾಗಿದೆ.
